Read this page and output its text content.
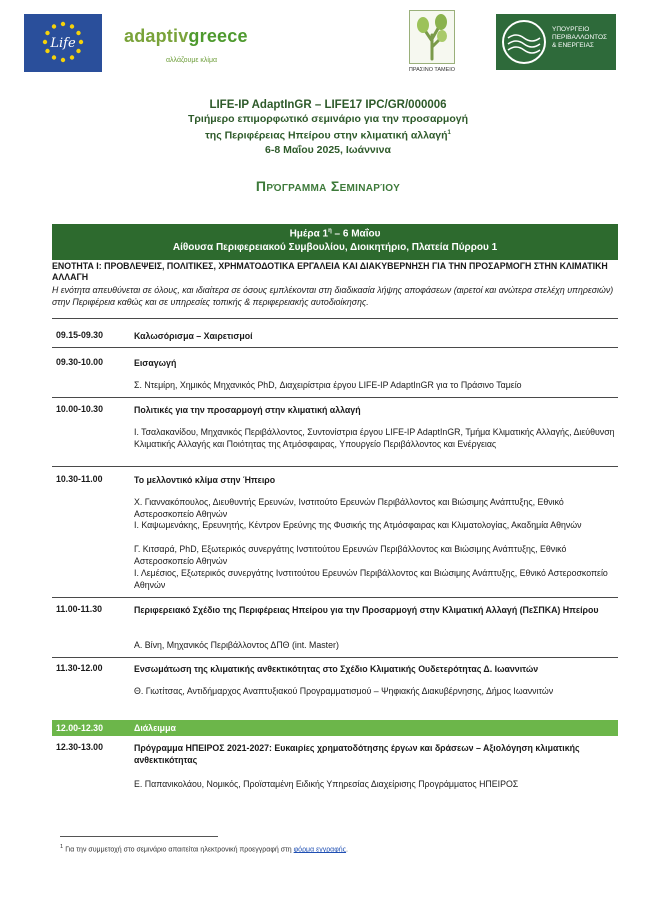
Life	adaptivgreece
αλλάζουμε κλίμα
ΠΡΑΣΙΝΟ ΤΑΜΕΙΟ
ΥΠΟΥΡΓΕΙΟ
ΠΕΡΙΒΑΛΛΟΝΤΟΣ
& ΕΝΕΡΓΕΙΑΣ
LIFE-IP AdaptInGR – LIFE17 IPC/GR/000006
Τριήμερο επιμορφωτικό σεμινάριο για την προσαρμογή
της Περιφέρειας Ηπείρου στην κλιματική αλλαγή$^1$
6-8 Μαΐου 2025, Ιωάννινα
Πρόγραμμα Σεμιναρίου
Ημέρα $1^\eta - 6$ Μαΐου
Αίθουσα Περιφερειακού Συμβουλίου, Διοικητήριο, Πλατεία Πύρρου 1
ΕΝΟΤΗΤΑ Ι: ΠΡΟΒΛΕΨΕΙΣ, ΠΟΛΙΤΙΚΕΣ, ΧΡΗΜΑΤΟΔΟΤΙΚΑ ΕΡΓΑΛΕΙΑ ΚΑΙ ΔΙΑΚΥΒΕΡΝΗΣΗ ΓΙΑ ΤΗΝ ΠΡΟΣΑΡΜΟΓΗ ΣΤΗΝ ΚΛΙΜΑΤΙΚΗ ΑΛΛΑΓΗ
Η ενότητα απευθύνεται σε όλους, και ιδιαίτερα σε όσους εμπλέκονται στη διαδικασία λήψης αποφάσεων (αιρετοί και ανώτερα στελέχη υπηρεσιών) στην Περιφέρεια καθώς και σε υπηρεσίες τοπικής & περιφερειακής αυτοδιοίκησης.
09.15-09.30	Καλωσόρισμα – Χαιρετισμοί
09.30-10.00	Εισαγωγή
Σ. Ντεμίρη, Χημικός Μηχανικός PhD, Διαχειρίστρια έργου LIFE-IP AdaptInGR για το Πράσινο Ταμείο
10.00-10.30	Πολιτικές για την προσαρμογή στην κλιματική αλλαγή
Ι. Τσαλακανίδου, Μηχανικός Περιβάλλοντος, Συντονίστρια έργου LIFE-IP AdaptInGR, Τμήμα Κλιματικής Αλλαγής, Διεύθυνση Κλιματικής Αλλαγής και Ποιότητας της Ατμόσφαιρας, Υπουργείο Περιβάλλοντος και Ενέργειας
10.30-11.00	Το μελλοντικό κλίμα στην Ήπειρο
Χ. Γιαννακόπουλος, Διευθυντής Ερευνών, Ινστιτούτο Ερευνών Περιβάλλοντος και Βιώσιμης Ανάπτυξης, Εθνικό Αστεροσκοπείο Αθηνών
Ι. Καψωμενάκης, Ερευνητής, Κέντρον Ερεύνης της Φυσικής της Ατμόσφαιρας και Κλιματολογίας, Ακαδημία Αθηνών
Γ. Κιτσαρά, PhD, Εξωτερικός συνεργάτης Ινστιτούτου Ερευνών Περιβάλλοντος και Βιώσιμης Ανάπτυξης, Εθνικό Αστεροσκοπείο Αθηνών
Ι. Λεμέσιος, Εξωτερικός συνεργάτης Ινστιτούτου Ερευνών Περιβάλλοντος και Βιώσιμης Ανάπτυξης, Εθνικό Αστεροσκοπείο Αθηνών
11.00-11.30	Περιφερειακό Σχέδιο της Περιφέρειας Ηπείρου για την Προσαρμογή στην Κλιματική Αλλαγή (ΠεΣΠΚΑ) Ηπείρου
Α. Βίνη, Μηχανικός Περιβάλλοντος ΔΠΘ (int. Master)
11.30-12.00	Ενσωμάτωση της κλιματικής ανθεκτικότητας στο Σχέδιο Κλιματικής Ουδετερότητας Δ. Ιωαννιτών
Θ. Γιωτίτσας, Αντιδήμαρχος Αναπτυξιακού Προγραμματισμού – Ψηφιακής Διακυβέρνησης, Δήμος Ιωαννιτών
12.00-12.30	Διάλειμμα
12.30-13.00	Πρόγραμμα ΗΠΕΙΡΟΣ 2021-2027: Ευκαιρίες χρηματοδότησης έργων και δράσεων – Αξιολόγηση κλιματικής ανθεκτικότητας
Ε. Παπανικολάου, Νομικός, Προϊσταμένη Ειδικής Υπηρεσίας Διαχείρισης Προγράμματος ΗΠΕΙΡΟΣ
$^1$ Για την συμμετοχή στο σεμινάριο απαιτείται ηλεκτρονική προεγγραφή στη φόρμα εγγραφής.
